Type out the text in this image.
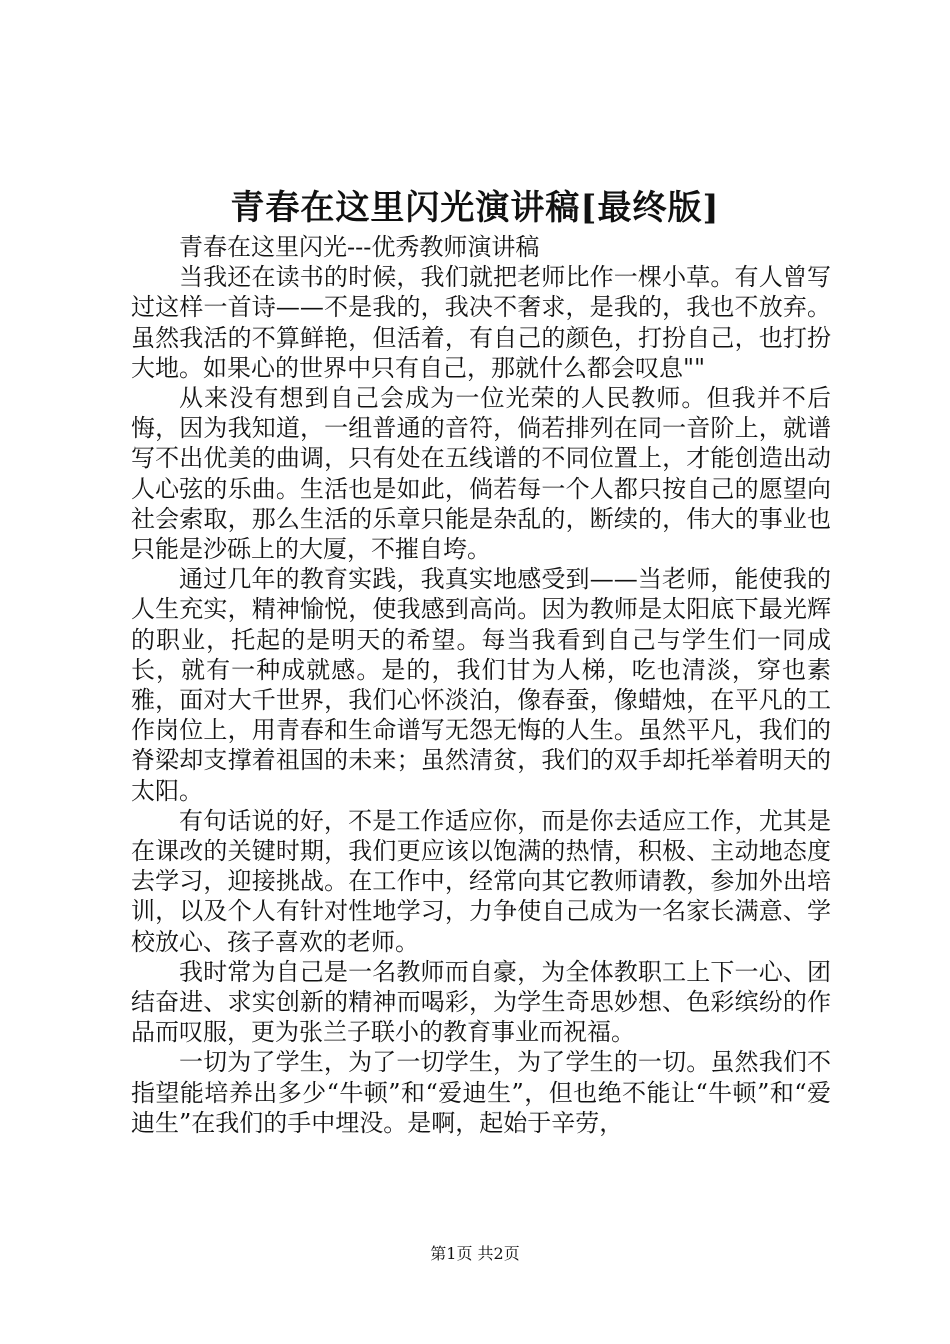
青春在这里闪光演讲稿[最终版]

青春在这里闪光---优秀教师演讲稿

当我还在读书的时候，我们就把老师比作一棵小草。有人曾写过这样一首诗——不是我的，我决不奢求，是我的，我也不放弃。虽然我活的不算鲜艳，但活着，有自己的颜色，打扮自己，也打扮大地。如果心的世界中只有自己，那就什么都会叹息""

从来没有想到自己会成为一位光荣的人民教师。但我并不后悔，因为我知道，一组普通的音符，倘若排列在同一音阶上，就谱写不出优美的曲调，只有处在五线谱的不同位置上，才能创造出动人心弦的乐曲。生活也是如此，倘若每一个人都只按自己的愿望向社会索取，那么生活的乐章只能是杂乱的，断续的，伟大的事业也只能是沙砾上的大厦，不摧自垮。

通过几年的教育实践，我真实地感受到——当老师，能使我的人生充实，精神愉悦，使我感到高尚。因为教师是太阳底下最光辉的职业，托起的是明天的希望。每当我看到自己与学生们一同成长，就有一种成就感。是的，我们甘为人梯，吃也清淡，穿也素雅，面对大千世界，我们心怀淡泊，像春蚕，像蜡烛，在平凡的工作岗位上，用青春和生命谱写无怨无悔的人生。虽然平凡，我们的脊梁却支撑着祖国的未来；虽然清贫，我们的双手却托举着明天的太阳。

有句话说的好，不是工作适应你，而是你去适应工作，尤其是在课改的关键时期，我们更应该以饱满的热情，积极、主动地态度去学习，迎接挑战。在工作中，经常向其它教师请教，参加外出培训，以及个人有针对性地学习，力争使自己成为一名家长满意、学校放心、孩子喜欢的老师。

我时常为自己是一名教师而自豪，为全体教职工上下一心、团结奋进、求实创新的精神而喝彩，为学生奇思妙想、色彩缤纷的作品而叹服，更为张兰子联小的教育事业而祝福。

一切为了学生，为了一切学生，为了学生的一切。虽然我们不指望能培养出多少“牛顿”和“爱迪生”，但也绝不能让“牛顿”和“爱迪生”在我们的手中埋没。是啊，起始于辛劳，

第1页 共2页
